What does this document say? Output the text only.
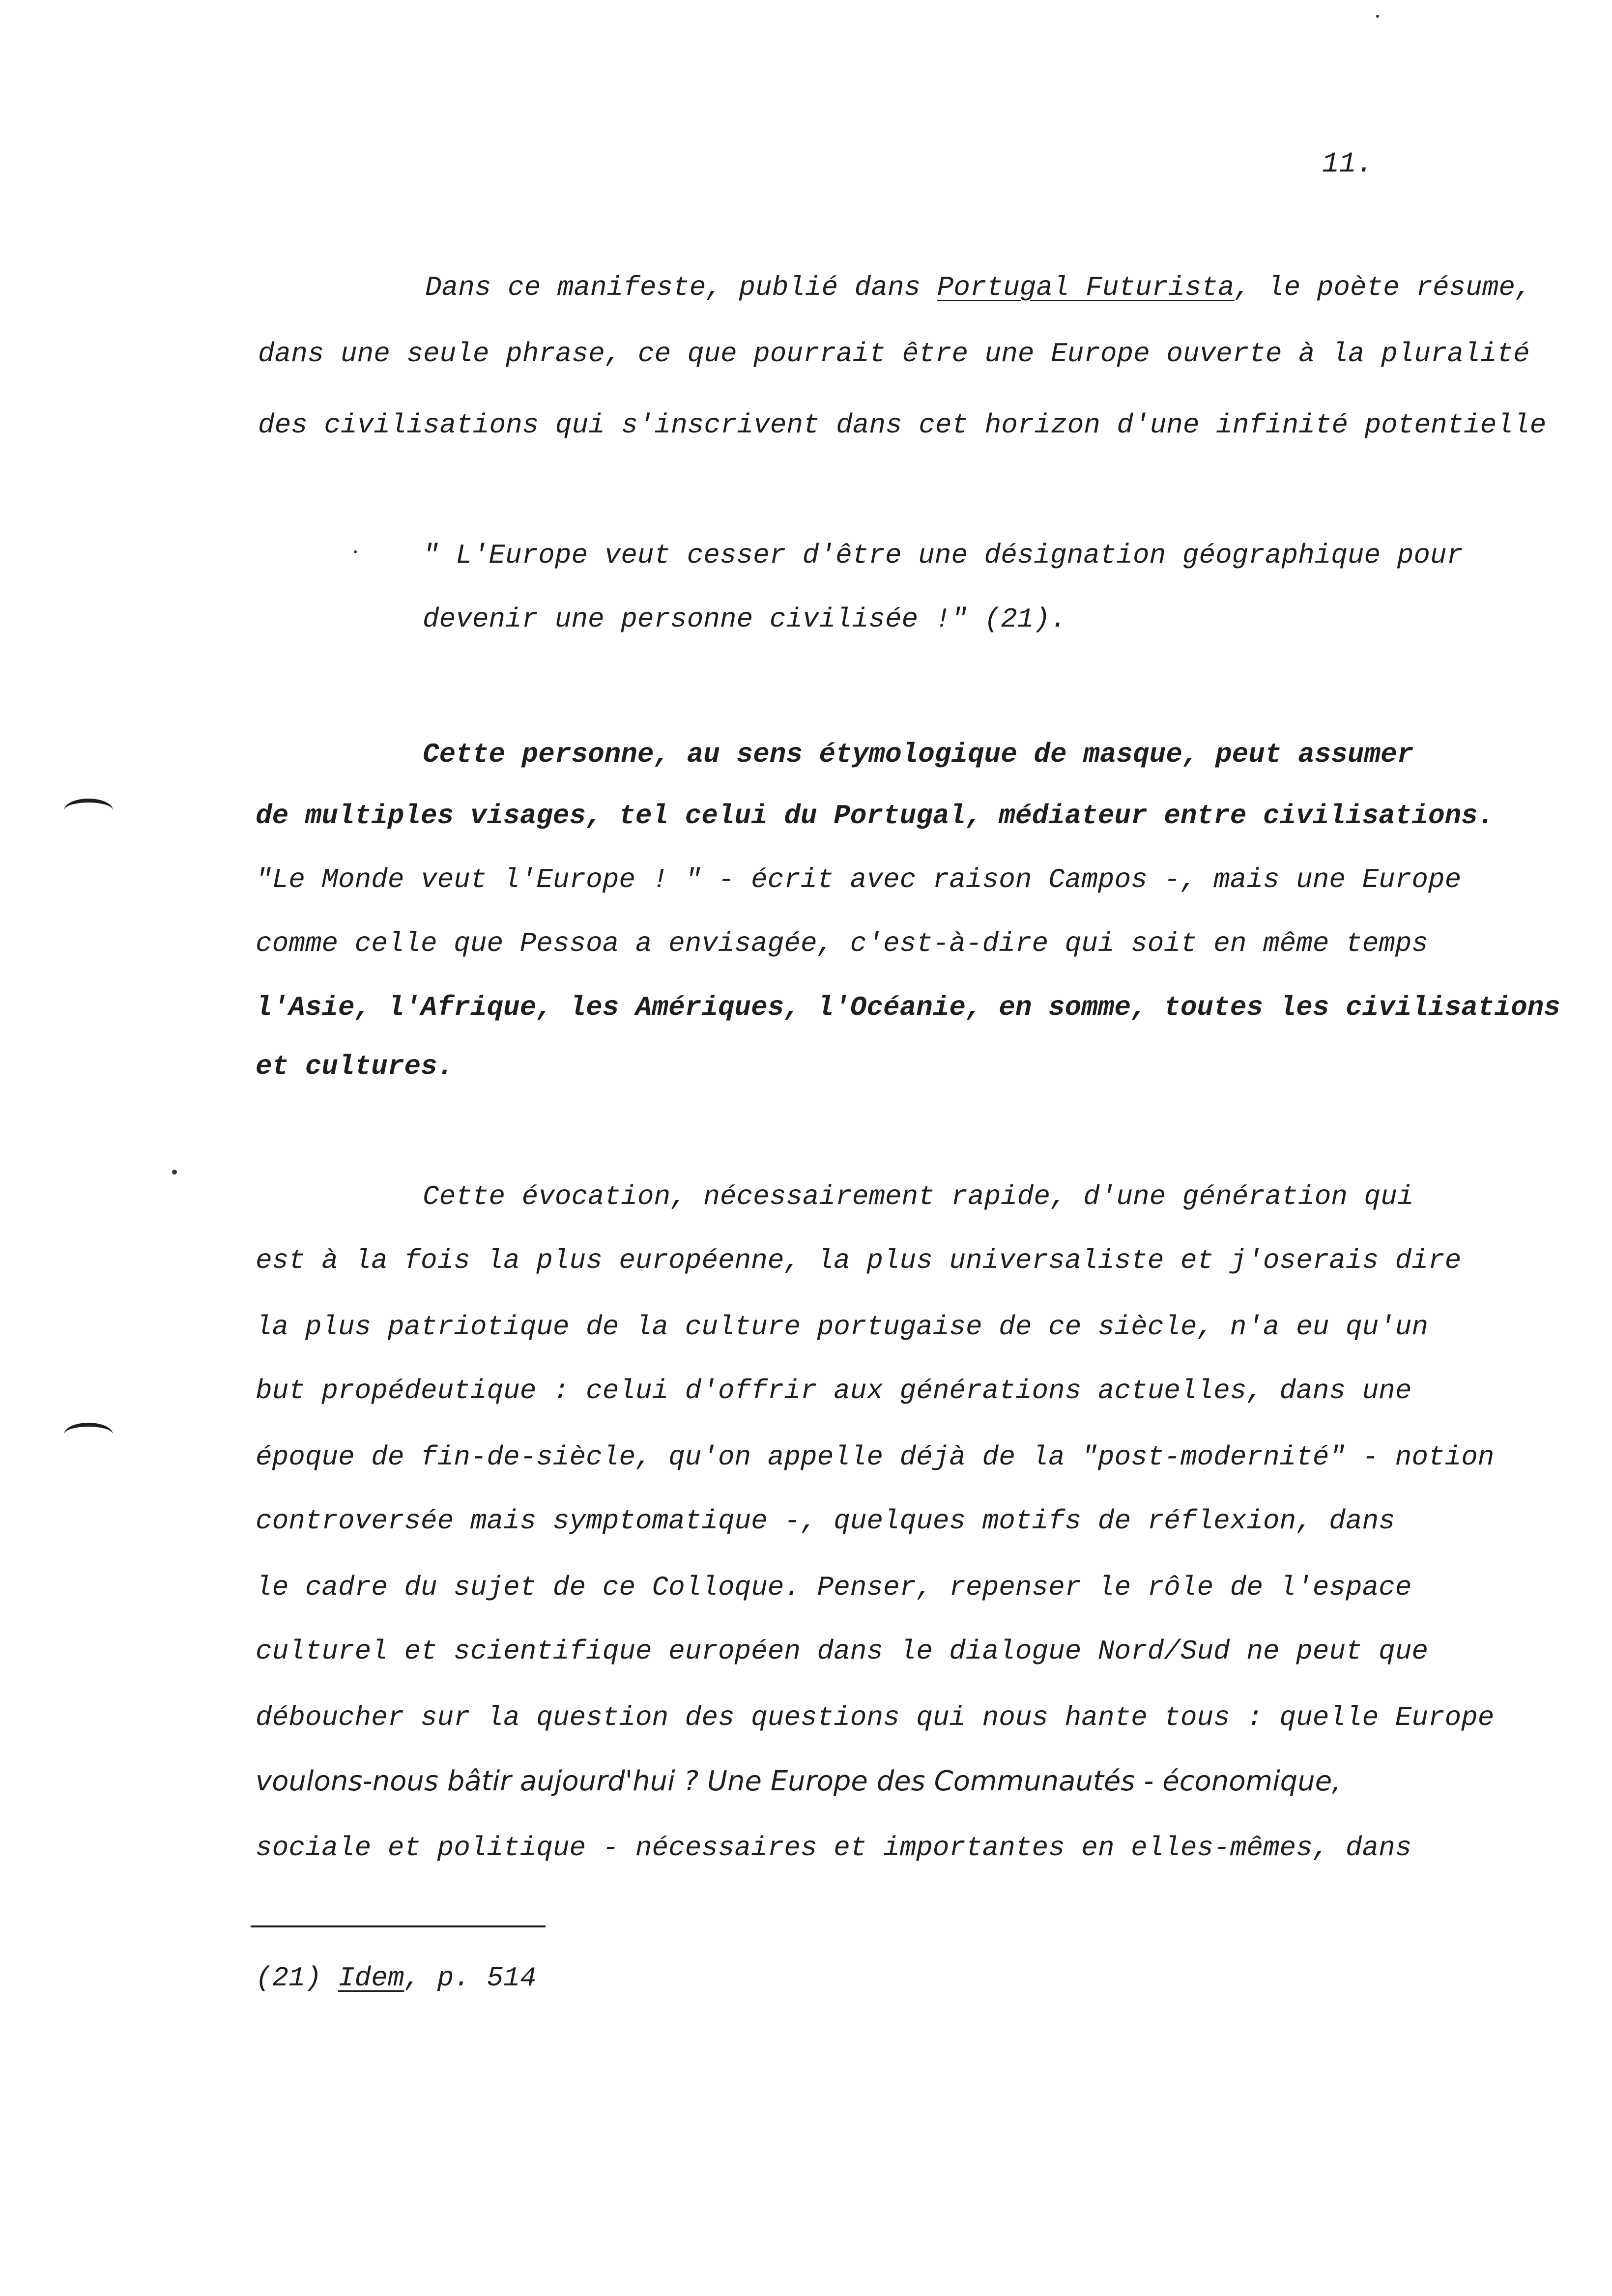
11.
Dans ce manifeste, publié dans Portugal Futurista, le poète résume,
dans une seule phrase, ce que pourrait être une Europe ouverte à la pluralité
des civilisations qui s'inscrivent dans cet horizon d'une infinité potentielle
" L'Europe veut cesser d'être une désignation géographique pour
devenir une personne civilisée !" (21).
Cette personne, au sens étymologique de masque, peut assumer
de multiples visages, tel celui du Portugal, médiateur entre civilisations.
"Le Monde veut l'Europe ! " - écrit avec raison Campos -, mais une Europe
comme celle que Pessoa a envisagée, c'est-à-dire qui soit en même temps
l'Asie, l'Afrique, les Amériques, l'Océanie, en somme, toutes les civilisations
et cultures.
Cette évocation, nécessairement rapide, d'une génération qui
est à la fois la plus européenne, la plus universaliste et j'oserais dire
la plus patriotique de la culture portugaise de ce siècle, n'a eu qu'un
but propédeutique : celui d'offrir aux générations actuelles, dans une
époque de fin-de-siècle, qu'on appelle déjà de la "post-modernité" - notion
controversée mais symptomatique -, quelques motifs de réflexion, dans
le cadre du sujet de ce Colloque. Penser, repenser le rôle de l'espace
culturel et scientifique européen dans le dialogue Nord/Sud ne peut que
déboucher sur la question des questions qui nous hante tous : quelle Europe
voulons-nous bâtir aujourd'hui ? Une Europe des Communautés - économique,
sociale et politique - nécessaires et importantes en elles-mêmes, dans
(21) Idem, p. 514
